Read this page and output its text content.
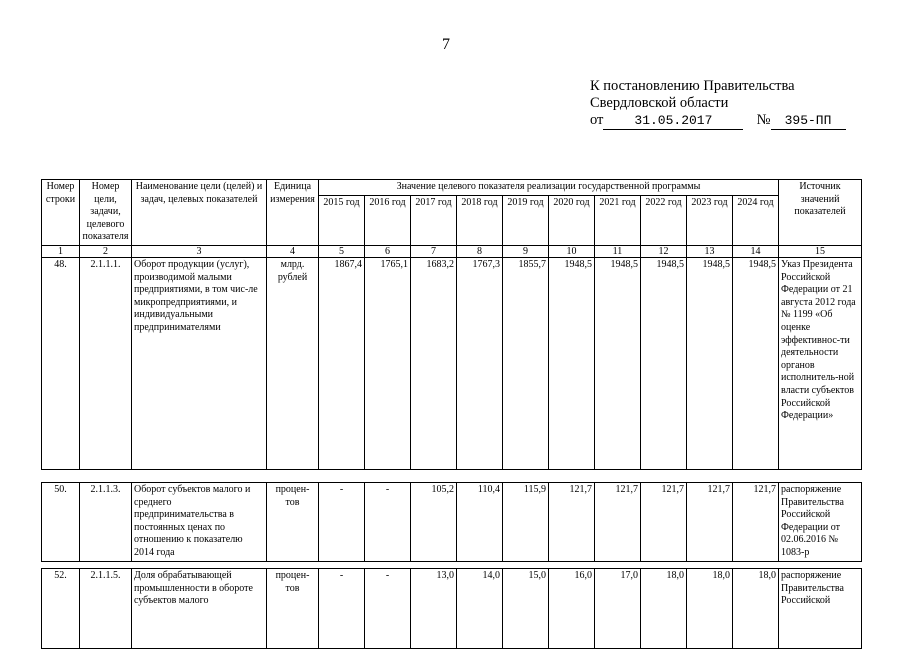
7
К постановлению Правительства
Свердловской области
от 31.05.2017	№ 395-ПП
Номер строки	Номер цели, задачи, целевого показателя	Наименование цели (целей) и задач, целевых показателей	Единица измерения	Значение целевого показателя реализации государственной программы										Источник значений показателей
				2015 год	2016 год	2017 год	2018 год	2019 год	2020 год	2021 год	2022 год	2023 год	2024 год	
1	2	3	4	5	6	7	8	9	10	11	12	13	14	15
48.	2.1.1.1.	Оборот продукции (услуг), производимой малыми предприятиями, в том чис-ле микропредприятиями, и индивидуальными предпринимателями	млрд. рублей	1867,4	1765,1	1683,2	1767,3	1855,7	1948,5	1948,5	1948,5	1948,5	1948,5	Указ Президента Российской Федерации от 21 августа 2012 года № 1199 «Об оценке эффективнос-ти деятельности органов исполнитель-ной власти субъектов Российской Федерации»
50.	2.1.1.3.	Оборот субъектов малого и среднего предпринимательства в постоянных ценах по отношению к показателю 2014 года	процен-тов	-	-	105,2	110,4	115,9	121,7	121,7	121,7	121,7	121,7	распоряжение Правительства Российской Федерации от 02.06.2016 № 1083-р
52.	2.1.1.5.	Доля обрабатывающей промышленности в обороте субъектов малого	процен-тов	-	-	13,0	14,0	15,0	16,0	17,0	18,0	18,0	18,0	распоряжение Правительства Российской
